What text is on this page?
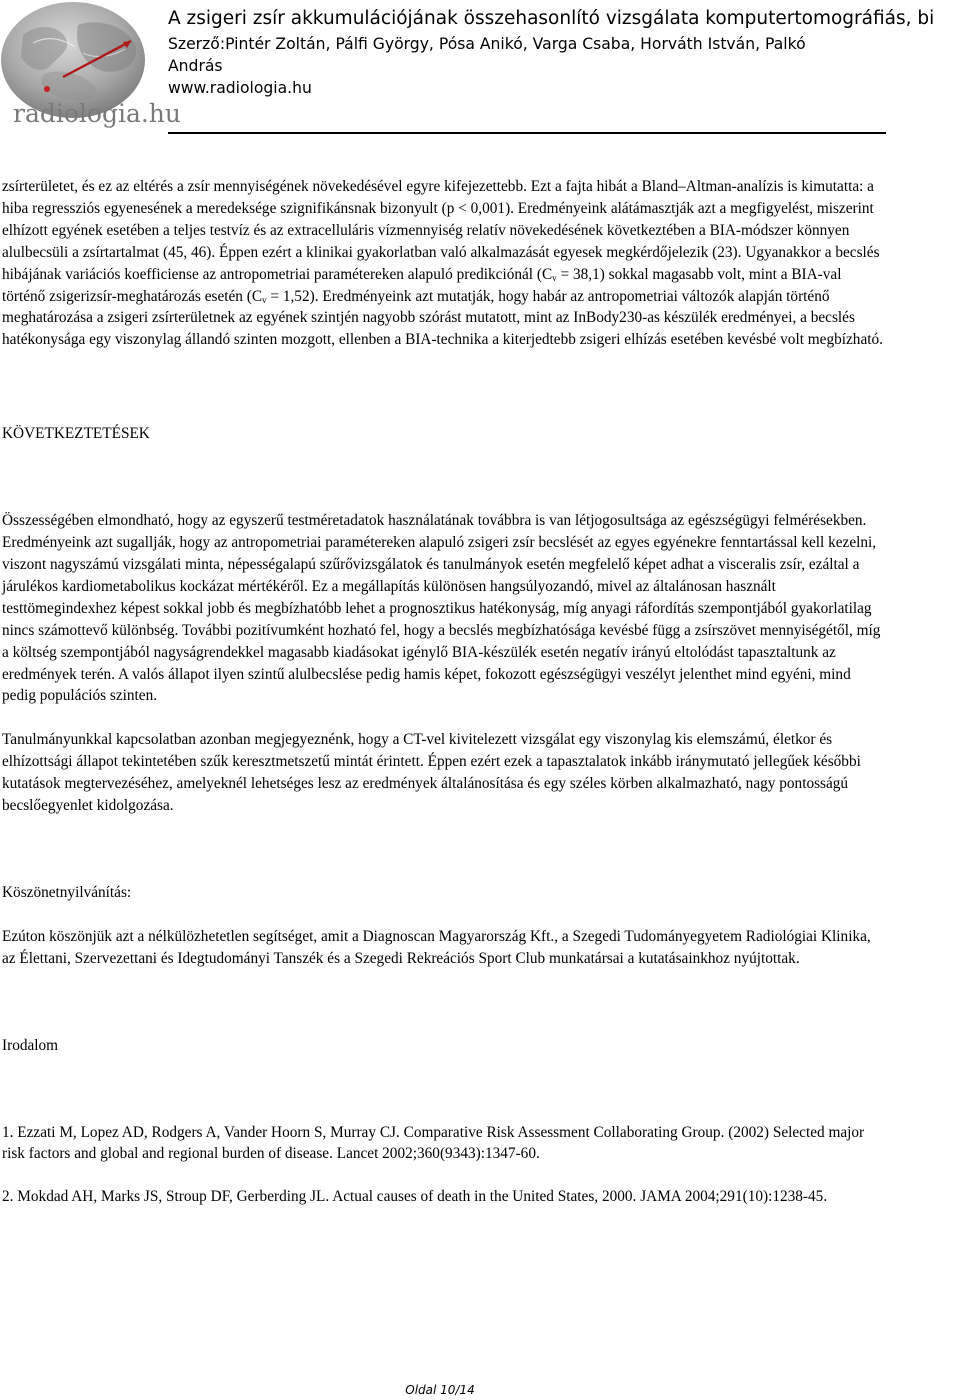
radiologia.hu
A zsigeri zsír akkumulációjának összehasonlító vizsgálata komputertomográfiás, bi

Szerző:Pintér Zoltán, Pálfi György, Pósa Anikó, Varga Csaba, Horváth István, Palkó András

www.radiologia.hu

zsírterületet, és ez az eltérés a zsír mennyiségének növekedésével egyre kifejezettebb. Ezt a fajta hibát a Bland–Altman-analízis is kimutatta: a hiba regressziós egyenesének a meredeksége szignifikánsnak bizonyult (p < 0,001). Eredményeink alátámasztják azt a megfigyelést, miszerint elhízott egyének esetében a teljes testvíz és az extracelluláris vízmennyiség relatív növekedésének következtében a BIA-módszer könnyen alulbecsüli a zsírtartalmat (45, 46). Éppen ezért a klinikai gyakorlatban való alkalmazását egyesek megkérdőjelezik (23). Ugyanakkor a becslés hibájának variációs koefficiense az antropometriai paramétereken alapuló predikciónál $(C_v = 38,1)$ sokkal magasabb volt, mint a BIA-val történő zsigerizsír-meghatározás esetén $(C_v = 1,52)$. Eredményeink azt mutatják, hogy habár az antropometriai változók alapján történő meghatározása a zsigeri zsírterületnek az egyének szintjén nagyobb szórást mutatott, mint az InBody230-as készülék eredményei, a becslés hatékonysága egy viszonylag állandó szinten mozgott, ellenben a BIA-technika a kiterjedtebb zsigeri elhízás esetében kevésbé volt megbízható.

KÖVETKEZTETÉSEK

Összességében elmondható, hogy az egyszerű testméretadatok használatának továbbra is van létjogosultsága az egészségügyi felmérésekben. Eredményeink azt sugallják, hogy az antropometriai paramétereken alapuló zsigeri zsír becslését az egyes egyénekre fenntartással kell kezelni, viszont nagyszámú vizsgálati minta, népességalapú szűrővizsgálatok és tanulmányok esetén megfelelő képet adhat a visceralis zsír, ezáltal a járulékos kardiometabolikus kockázat mértékéről. Ez a megállapítás különösen hangsúlyozandó, mivel az általánosan használt testtömegindexhez képest sokkal jobb és megbízhatóbb lehet a prognosztikus hatékonyság, míg anyagi ráfordítás szempontjából gyakorlatilag nincs számottevő különbség. További pozitívumként hozható fel, hogy a becslés megbízhatósága kevésbé függ a zsírszövet mennyiségétől, míg a költség szempontjából nagyságrendekkel magasabb kiadásokat igénylő BIA-készülék esetén negatív irányú eltolódást tapasztaltunk az eredmények terén. A valós állapot ilyen szintű alulbecslése pedig hamis képet, fokozott egészségügyi veszélyt jelenthet mind egyéni, mind pedig populációs szinten.

Tanulmányunkkal kapcsolatban azonban megjegyeznénk, hogy a CT-vel kivitelezett vizsgálat egy viszonylag kis elemszámú, életkor és elhízottsági állapot tekintetében szűk keresztmetszetű mintát érintett. Éppen ezért ezek a tapasztalatok inkább iránymutató jellegűek későbbi kutatások megtervezéséhez, amelyeknél lehetséges lesz az eredmények általánosítása és egy széles körben alkalmazható, nagy pontosságú becslőegyenlet kidolgozása.

Köszönetnyilvánítás:

Ezúton köszönjük azt a nélkülözhetetlen segítséget, amit a Diagnoscan Magyarország Kft., a Szegedi Tudományegyetem Radiológiai Klinika, az Élettani, Szervezettani és Idegtudományi Tanszék és a Szegedi Rekreációs Sport Club munkatársai a kutatásainkhoz nyújtottak.

Irodalom

1. Ezzati M, Lopez AD, Rodgers A, Vander Hoorn S, Murray CJ. Comparative Risk Assessment Collaborating Group. (2002) Selected major risk factors and global and regional burden of disease. Lancet 2002;360(9343):1347-60.

2. Mokdad AH, Marks JS, Stroup DF, Gerberding JL. Actual causes of death in the United States, 2000. JAMA 2004;291(10):1238-45.

Oldal 10/14
